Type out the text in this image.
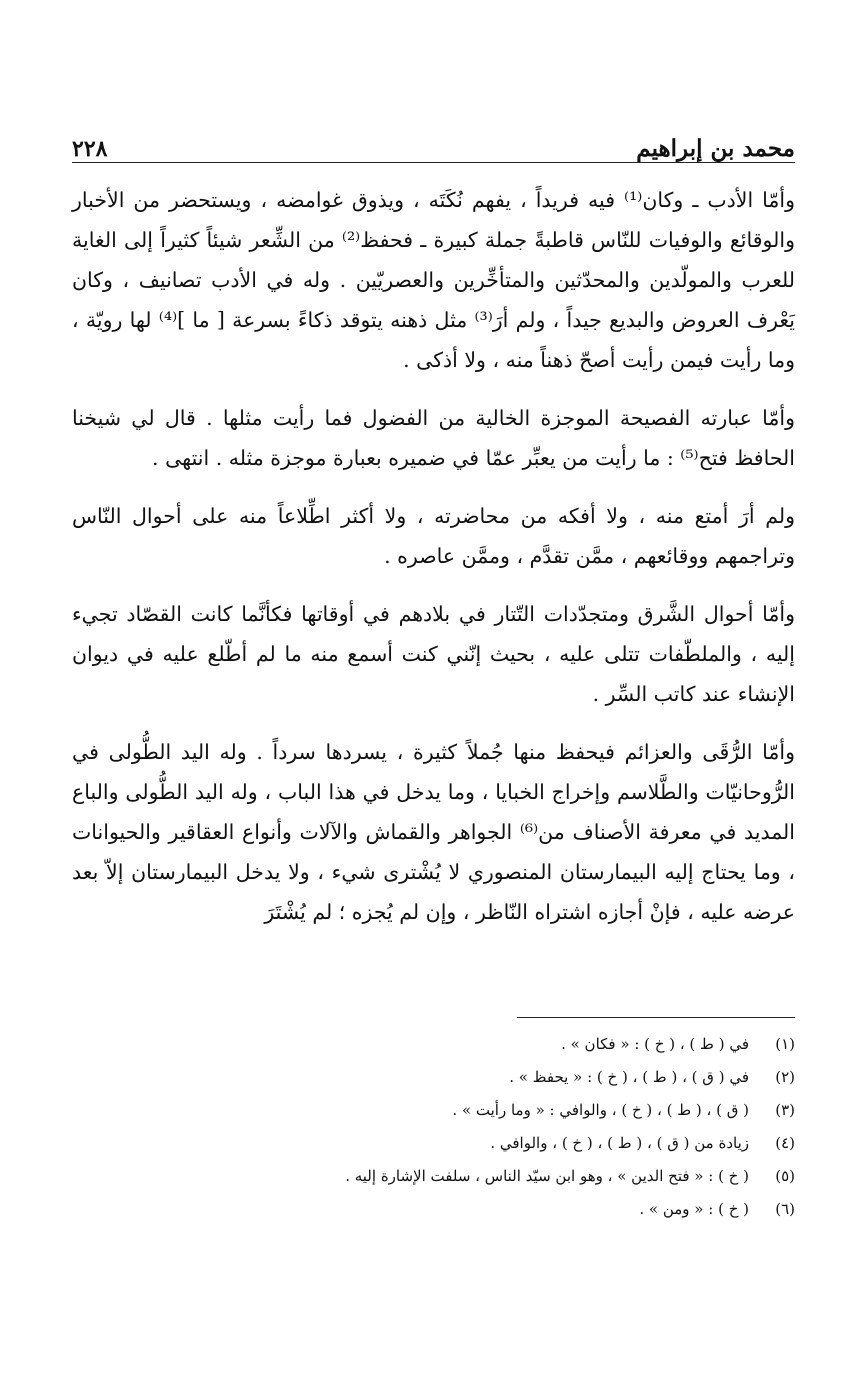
محمد بن إبراهيم
٢٢٨

وأمّا الأدب ـ وكان⁽¹⁾ فيه فريداً ، يفهم نُكَتَه ، ويذوق غوامضه ، ويستحضر من الأخبار والوقائع والوفيات للنّاس قاطبةً جملة كبيرة ـ فحفظ⁽²⁾ من الشِّعر شيئاً كثيراً إلى الغاية للعرب والمولّدين والمحدّثين والمتأخِّرين والعصريّين . وله في الأدب تصانيف ، وكان يَعْرف العروض والبديع جيداً ، ولم أرَ⁽³⁾ مثل ذهنه يتوقد ذكاءً بسرعة [ ما ]⁽⁴⁾ لها رويّة ، وما رأيت فيمن رأيت أصحّ ذهناً منه ، ولا أذكى .

وأمّا عبارته الفصيحة الموجزة الخالية من الفضول فما رأيت مثلها . قال لي شيخنا الحافظ فتح⁽⁵⁾ : ما رأيت من يعبِّر عمّا في ضميره بعبارة موجزة مثله . انتهى .

ولم أرَ أمتع منه ، ولا أفكه من محاضرته ، ولا أكثر اطِّلاعاً منه على أحوال النّاس وتراجمهم ووقائعهم ، ممَّن تقدَّم ، وممَّن عاصره .

وأمّا أحوال الشَّرق ومتجدّدات التّتار في بلادهم في أوقاتها فكأنَّما كانت القصّاد تجيء إليه ، والملطّفات تتلى عليه ، بحيث إنّني كنت أسمع منه ما لم أطّلع عليه في ديوان الإنشاء عند كاتب السِّر .

وأمّا الرُّقَى والعزائم فيحفظ منها جُملاً كثيرة ، يسردها سرداً . وله اليد الطُّولى في الرُّوحانيّات والطَّلاسم وإخراج الخبايا ، وما يدخل في هذا الباب ، وله اليد الطُّولى والباع المديد في معرفة الأصناف من⁽⁶⁾ الجواهر والقماش والآلات وأنواع العقاقير والحيوانات ، وما يحتاج إليه البيمارستان المنصوري لا يُشْترى شيء ، ولا يدخل البيمارستان إلاّ بعد عرضه عليه ، فإنْ أجازه اشتراه النّاظر ، وإن لم يُجزه ؛ لم يُشْتَرَ

(١)
في ( ط ) ، ( خ ) : « فكان » .
(٢)
في ( ق ) ، ( ط ) ، ( خ ) : « يحفظ » .
(٣)
( ق ) ، ( ط ) ، ( خ ) ، والوافي : « وما رأيت » .
(٤)
زيادة من ( ق ) ، ( ط ) ، ( خ ) ، والوافي .
(٥)
( خ ) : « فتح الدين » ، وهو ابن سيّد الناس ، سلفت الإشارة إليه .
(٦)
( خ ) : « ومن » .
